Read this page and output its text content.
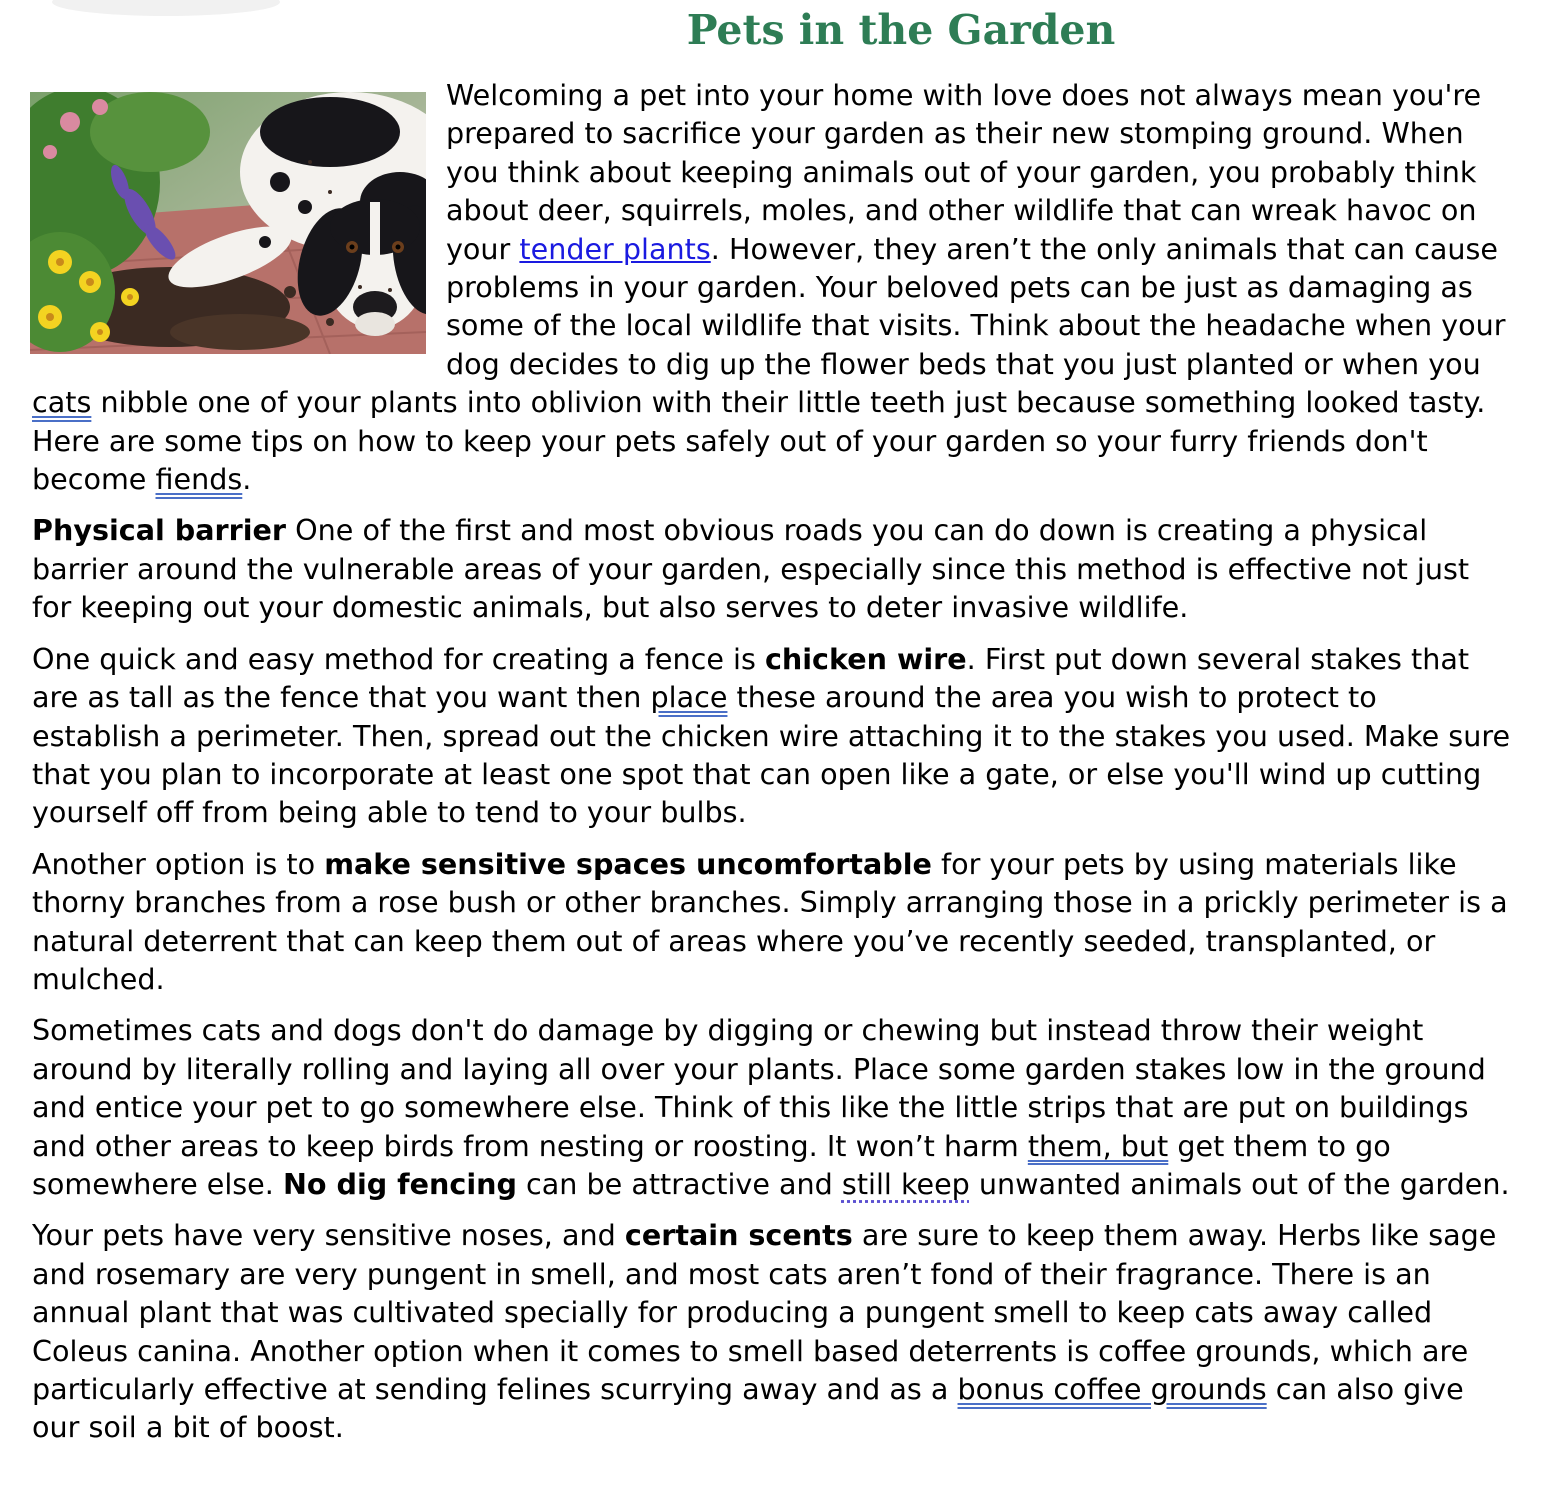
Pets in the Garden

Welcoming a pet into your home with love does not always mean you're prepared to sacrifice your garden as their new stomping ground. When you think about keeping animals out of your garden, you probably think about deer, squirrels, moles, and other wildlife that can wreak havoc on your tender plants. However, they aren’t the only animals that can cause problems in your garden. Your beloved pets can be just as damaging as some of the local wildlife that visits. Think about the headache when your dog decides to dig up the flower beds that you just planted or when you cats nibble one of your plants into oblivion with their little teeth just because something looked tasty. Here are some tips on how to keep your pets safely out of your garden so your furry friends don't become fiends.

Physical barrier One of the first and most obvious roads you can do down is creating a physical barrier around the vulnerable areas of your garden, especially since this method is effective not just for keeping out your domestic animals, but also serves to deter invasive wildlife.

One quick and easy method for creating a fence is chicken wire. First put down several stakes that are as tall as the fence that you want then place these around the area you wish to protect to establish a perimeter. Then, spread out the chicken wire attaching it to the stakes you used. Make sure that you plan to incorporate at least one spot that can open like a gate, or else you'll wind up cutting yourself off from being able to tend to your bulbs.

Another option is to make sensitive spaces uncomfortable for your pets by using materials like thorny branches from a rose bush or other branches. Simply arranging those in a prickly perimeter is a natural deterrent that can keep them out of areas where you’ve recently seeded, transplanted, or mulched.

Sometimes cats and dogs don't do damage by digging or chewing but instead throw their weight around by literally rolling and laying all over your plants. Place some garden stakes low in the ground and entice your pet to go somewhere else. Think of this like the little strips that are put on buildings and other areas to keep birds from nesting or roosting. It won’t harm them, but get them to go somewhere else. No dig fencing can be attractive and still keep unwanted animals out of the garden.

Your pets have very sensitive noses, and certain scents are sure to keep them away. Herbs like sage and rosemary are very pungent in smell, and most cats aren’t fond of their fragrance. There is an annual plant that was cultivated specially for producing a pungent smell to keep cats away called Coleus canina. Another option when it comes to smell based deterrents is coffee grounds, which are particularly effective at sending felines scurrying away and as a bonus coffee grounds can also give our soil a bit of boost.
